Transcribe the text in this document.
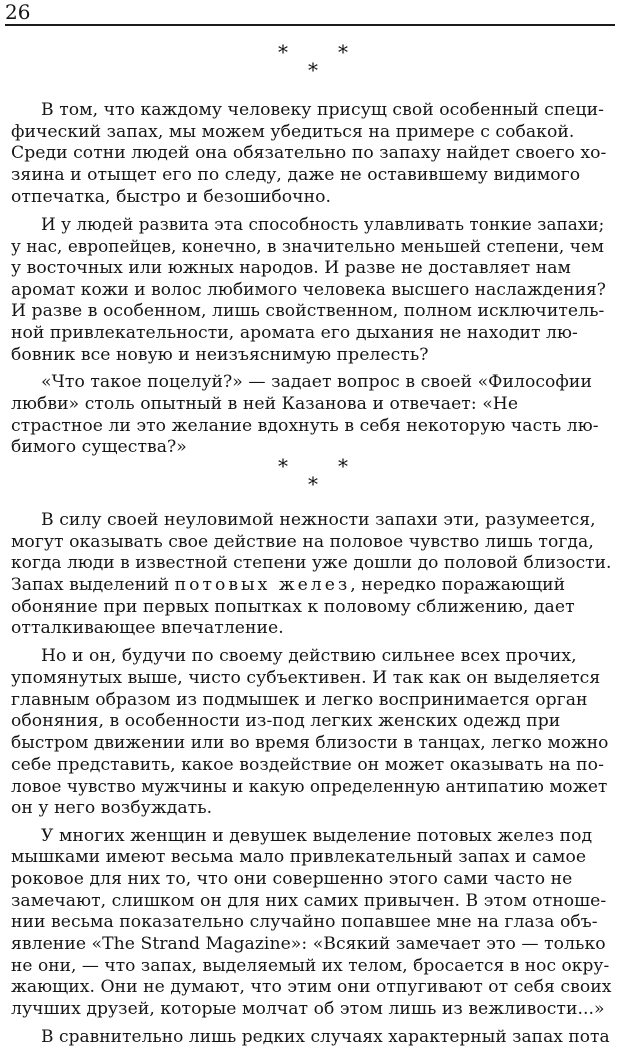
26
*	*
*
В том, что каждому человеку присущ свой особенный специ-
фический запах, мы можем убедиться на примере с собакой.
Среди сотни людей она обязательно по запаху найдет своего хо-
зяина и отыщет его по следу, даже не оставившему видимого
отпечатка, быстро и безошибочно.
И у людей развита эта способность улавливать тонкие запахи;
у нас, европейцев, конечно, в значительно меньшей степени, чем
у восточных или южных народов. И разве не доставляет нам
аромат кожи и волос любимого человека высшего наслаждения?
И разве в особенном, лишь свойственном, полном исключитель-
ной привлекательности, аромата его дыхания не находит лю-
бовник все новую и неизъяснимую прелесть?
«Что такое поцелуй?» — задает вопрос в своей «Философии
любви» столь опытный в ней Казанова и отвечает: «Не
страстное ли это желание вдохнуть в себя некоторую часть лю-
бимого существа?»
*	*
*
В силу своей неуловимой нежности запахи эти, разумеется,
могут оказывать свое действие на половое чувство лишь тогда,
когда люди в известной степени уже дошли до половой близости.
Запах выделений потовых желез, нередко поражающий
обоняние при первых попытках к половому сближению, дает
отталкивающее впечатление.
Но и он, будучи по своему действию сильнее всех прочих,
упомянутых выше, чисто субъективен. И так как он выделяется
главным образом из подмышек и легко воспринимается орган
обоняния, в особенности из-под легких женских одежд при
быстром движении или во время близости в танцах, легко можно
себе представить, какое воздействие он может оказывать на по-
ловое чувство мужчины и какую определенную антипатию может
он у него возбуждать.
У многих женщин и девушек выделение потовых желез под
мышками имеют весьма мало привлекательный запах и самое
роковое для них то, что они совершенно этого сами часто не
замечают, слишком он для них самих привычен. В этом отноше-
нии весьма показательно случайно попавшее мне на глаза объ-
явление «The Strand Magazine»: «Всякий замечает это — только
не они, — что запах, выделяемый их телом, бросается в нос окру-
жающих. Они не думают, что этим они отпугивают от себя своих
лучших друзей, которые молчат об этом лишь из вежливости...»
В сравнительно лишь редких случаях характерный запах пота
